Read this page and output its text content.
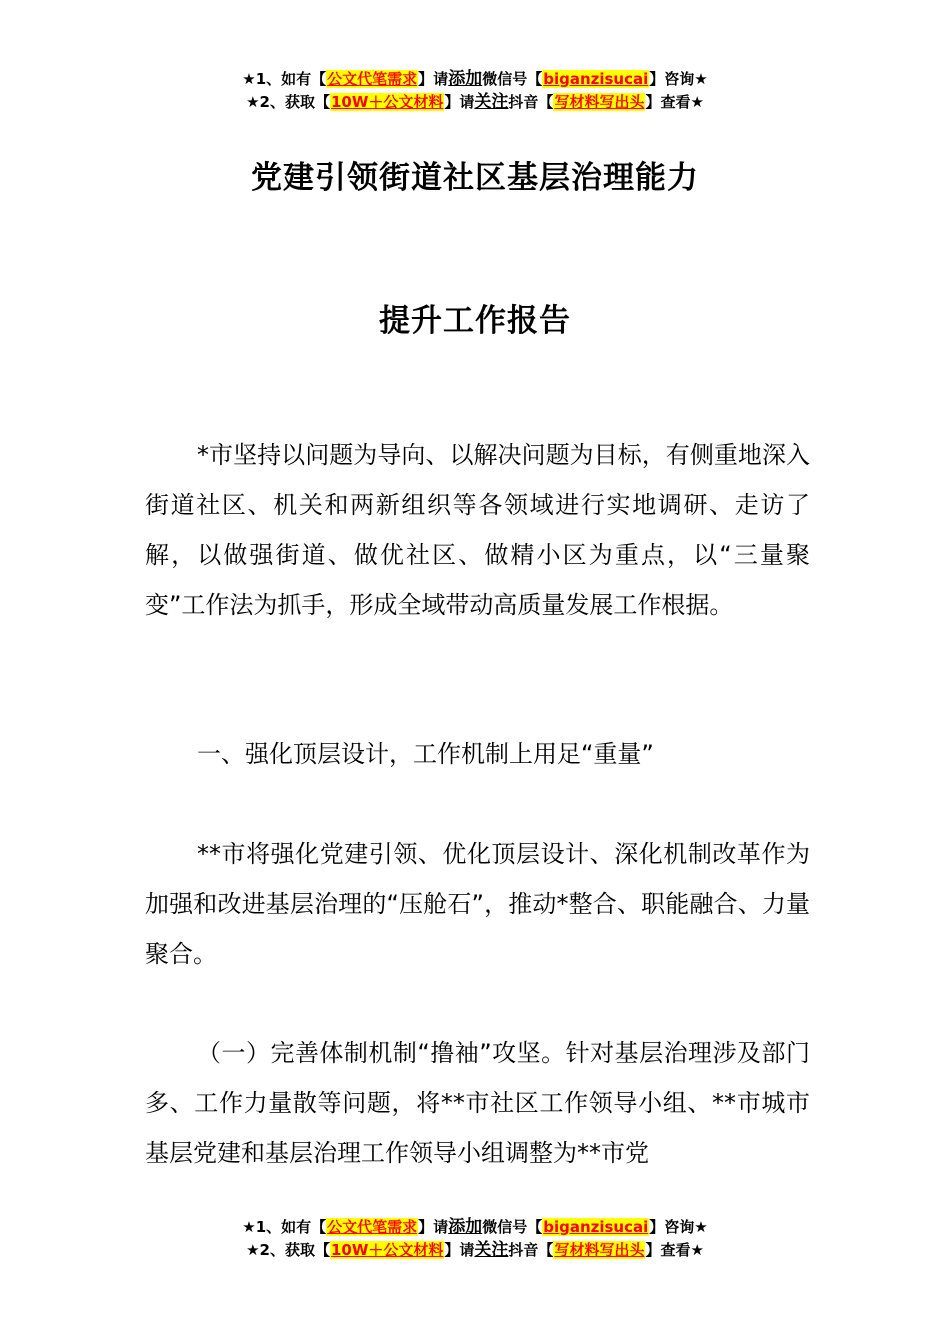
★1、如有【公文代笔需求】请添加微信号【biganzisucai】咨询★
★2、获取【10W＋公文材料】请关注抖音【写材料写出头】查看★
党建引领街道社区基层治理能力
提升工作报告
*市坚持以问题为导向、以解决问题为目标，有侧重地深入街道社区、机关和两新组织等各领域进行实地调研、走访了解，以做强街道、做优社区、做精小区为重点，以“三量聚变”工作法为抓手，形成全域带动高质量发展工作根据。
一、强化顶层设计，工作机制上用足“重量”
**市将强化党建引领、优化顶层设计、深化机制改革作为加强和改进基层治理的“压舱石”，推动*整合、职能融合、力量聚合。
（一）完善体制机制“撸袖”攻坚。针对基层治理涉及部门多、工作力量散等问题，将**市社区工作领导小组、**市城市基层党建和基层治理工作领导小组调整为**市党
★1、如有【公文代笔需求】请添加微信号【biganzisucai】咨询★
★2、获取【10W＋公文材料】请关注抖音【写材料写出头】查看★
